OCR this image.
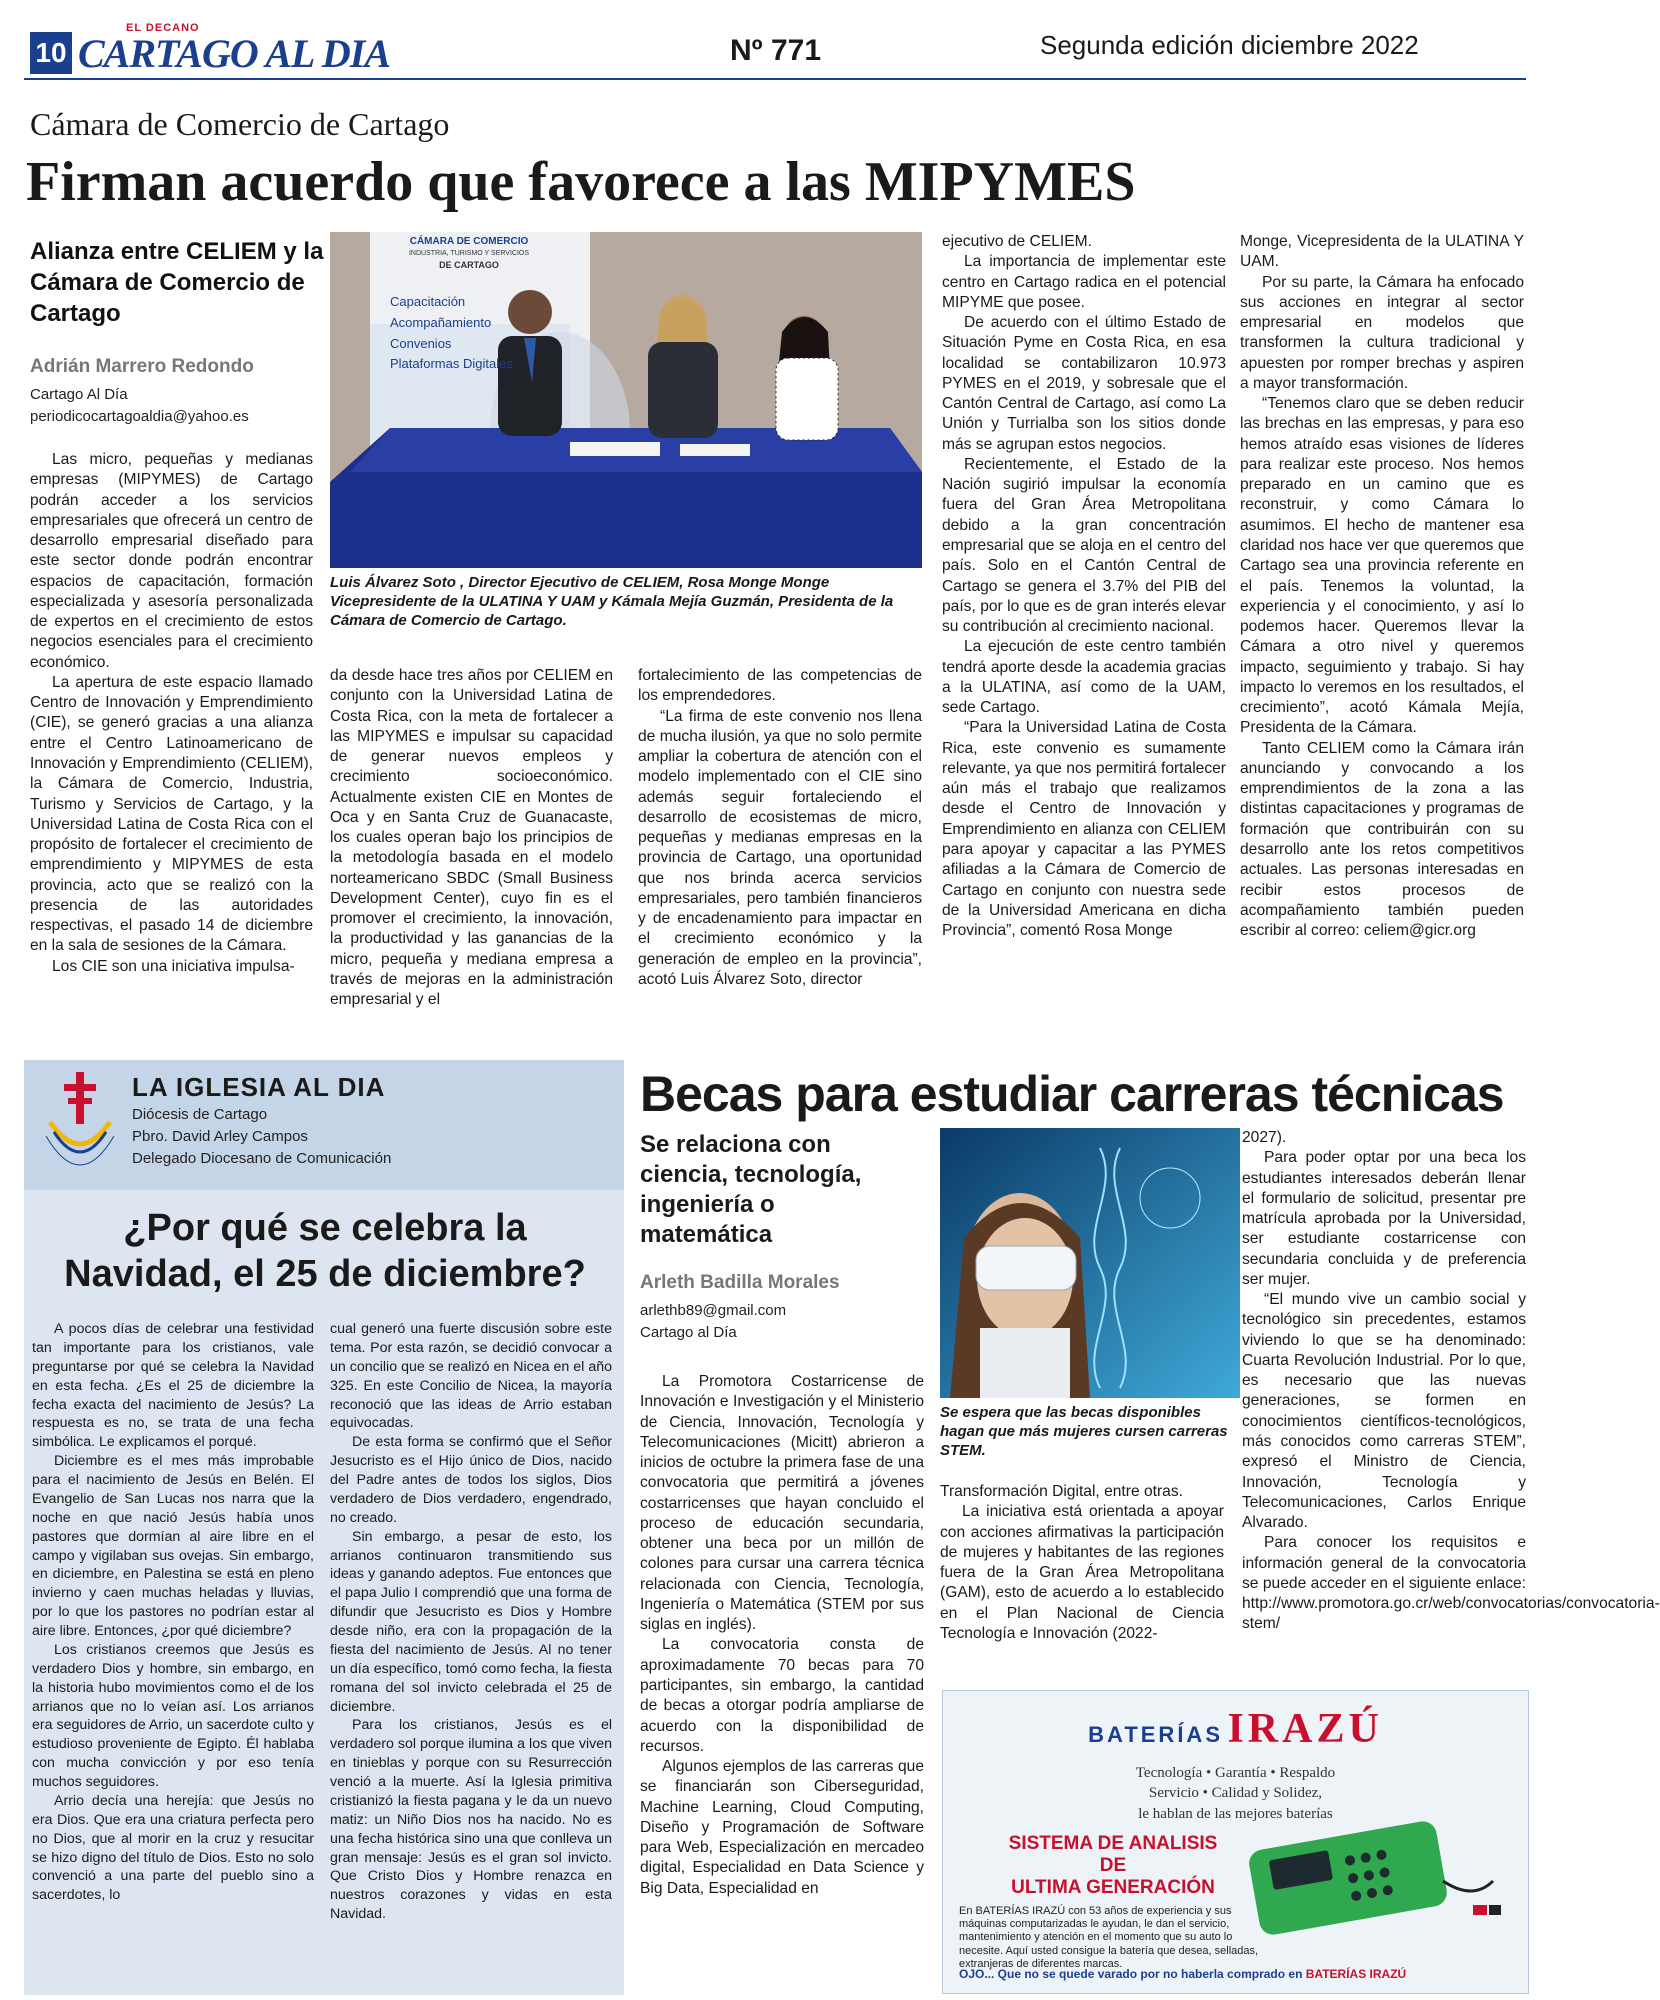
10
EL DECANO
CARTAGO AL DIA	Nº 771	Segunda edición diciembre 2022
Cámara de Comercio de Cartago
Firman acuerdo que favorece a las MIPYMES
Alianza entre CELIEM y la Cámara de Comercio de Cartago
Adrián Marrero Redondo
Cartago Al Día
periodicocartagoaldia@yahoo.es

Las micro, pequeñas y medianas empresas (MIPYMES) de Cartago podrán acceder a los servicios empresariales que ofrecerá un centro de desarrollo empresarial diseñado para este sector donde podrán encontrar espacios de capacitación, formación especializada y asesoría personalizada de expertos en el crecimiento de estos negocios esenciales para el crecimiento económico.

La apertura de este espacio llamado Centro de Innovación y Emprendimiento (CIE), se generó gracias a una alianza entre el Centro Latinoamericano de Innovación y Emprendimiento (CELIEM), la Cámara de Comercio, Industria, Turismo y Servicios de Cartago, y la Universidad Latina de Costa Rica con el propósito de fortalecer el crecimiento de emprendimiento y MIPYMES de esta provincia, acto que se realizó con la presencia de las autoridades respectivas, el pasado 14 de diciembre en la sala de sesiones de la Cámara.

Los CIE son una iniciativa impulsa-

CÁMARA DE COMERCIO
INDUSTRIA, TURISMO Y SERVICIOS
DE CARTAGO
Capacitación
Acompañamiento
Convenios
Plataformas Digitales
Luis Álvarez Soto , Director Ejecutivo de CELIEM, Rosa Monge Monge Vicepresidente de la ULATINA Y UAM y Kámala Mejía Guzmán, Presidenta de la Cámara de Comercio de Cartago.

da desde hace tres años por CELIEM en conjunto con la Universidad Latina de Costa Rica, con la meta de fortalecer a las MIPYMES e impulsar su capacidad de generar nuevos empleos y crecimiento socioeconómico. Actualmente existen CIE en Montes de Oca y en Santa Cruz de Guanacaste, los cuales operan bajo los principios de la metodología basada en el modelo norteamericano SBDC (Small Business Development Center), cuyo fin es el promover el crecimiento, la innovación, la productividad y las ganancias de la micro, pequeña y mediana empresa a través de mejoras en la administración empresarial y el

fortalecimiento de las competencias de los emprendedores.

“La firma de este convenio nos llena de mucha ilusión, ya que no solo permite ampliar la cobertura de atención con el modelo implementado con el CIE sino además seguir fortaleciendo el desarrollo de ecosistemas de micro, pequeñas y medianas empresas en la provincia de Cartago, una oportunidad que nos brinda acerca servicios empresariales, pero también financieros y de encadenamiento para impactar en el crecimiento económico y la generación de empleo en la provincia”, acotó Luis Álvarez Soto, director

ejecutivo de CELIEM.

La importancia de implementar este centro en Cartago radica en el potencial MIPYME que posee.

De acuerdo con el último Estado de Situación Pyme en Costa Rica, en esa localidad se contabilizaron 10.973 PYMES en el 2019, y sobresale que el Cantón Central de Cartago, así como La Unión y Turrialba son los sitios donde más se agrupan estos negocios.

Recientemente, el Estado de la Nación sugirió impulsar la economía fuera del Gran Área Metropolitana debido a la gran concentración empresarial que se aloja en el centro del país. Solo en el Cantón Central de Cartago se genera el 3.7% del PIB del país, por lo que es de gran interés elevar su contribución al crecimiento nacional.

La ejecución de este centro también tendrá aporte desde la academia gracias a la ULATINA, así como de la UAM, sede Cartago.

“Para la Universidad Latina de Costa Rica, este convenio es sumamente relevante, ya que nos permitirá fortalecer aún más el trabajo que realizamos desde el Centro de Innovación y Emprendimiento en alianza con CELIEM para apoyar y capacitar a las PYMES afiliadas a la Cámara de Comercio de Cartago en conjunto con nuestra sede de la Universidad Americana en dicha Provincia”, comentó Rosa Monge

Monge, Vicepresidenta de la ULATINA Y UAM.

Por su parte, la Cámara ha enfocado sus acciones en integrar al sector empresarial en modelos que transformen la cultura tradicional y apuesten por romper brechas y aspiren a mayor transformación.

“Tenemos claro que se deben reducir las brechas en las empresas, y para eso hemos atraído esas visiones de líderes para realizar este proceso. Nos hemos preparado en un camino que es reconstruir, y como Cámara lo asumimos. El hecho de mantener esa claridad nos hace ver que queremos que Cartago sea una provincia referente en el país. Tenemos la voluntad, la experiencia y el conocimiento, y así lo podemos hacer. Queremos llevar la Cámara a otro nivel y queremos impacto, seguimiento y trabajo. Si hay impacto lo veremos en los resultados, el crecimiento”, acotó Kámala Mejía, Presidenta de la Cámara.

Tanto CELIEM como la Cámara irán anunciando y convocando a los emprendimientos de la zona a las distintas capacitaciones y programas de formación que contribuirán con su desarrollo ante los retos competitivos actuales. Las personas interesadas en recibir estos procesos de acompañamiento también pueden escribir al correo: celiem@gicr.org

LA IGLESIA AL DIA
Diócesis de Cartago
Pbro. David Arley Campos
Delegado Diocesano de Comunicación
¿Por qué se celebra la Navidad, el 25 de diciembre?

A pocos días de celebrar una festividad tan importante para los cristianos, vale preguntarse por qué se celebra la Navidad en esta fecha. ¿Es el 25 de diciembre la fecha exacta del nacimiento de Jesús? La respuesta es no, se trata de una fecha simbólica. Le explicamos el porqué.

Diciembre es el mes más improbable para el nacimiento de Jesús en Belén. El Evangelio de San Lucas nos narra que la noche en que nació Jesús había unos pastores que dormían al aire libre en el campo y vigilaban sus ovejas. Sin embargo, en diciembre, en Palestina se está en pleno invierno y caen muchas heladas y lluvias, por lo que los pastores no podrían estar al aire libre. Entonces, ¿por qué diciembre?

Los cristianos creemos que Jesús es verdadero Dios y hombre, sin embargo, en la historia hubo movimientos como el de los arrianos que no lo veían así. Los arrianos era seguidores de Arrio, un sacerdote culto y estudioso proveniente de Egipto. Él hablaba con mucha convicción y por eso tenía muchos seguidores.

Arrio decía una herejía: que Jesús no era Dios. Que era una criatura perfecta pero no Dios, que al morir en la cruz y resucitar se hizo digno del título de Dios. Esto no solo convenció a una parte del pueblo sino a sacerdotes, lo

cual generó una fuerte discusión sobre este tema. Por esta razón, se decidió convocar a un concilio que se realizó en Nicea en el año 325. En este Concilio de Nicea, la mayoría reconoció que las ideas de Arrio estaban equivocadas.

De esta forma se confirmó que el Señor Jesucristo es el Hijo único de Dios, nacido del Padre antes de todos los siglos, Dios verdadero de Dios verdadero, engendrado, no creado.

Sin embargo, a pesar de esto, los arrianos continuaron transmitiendo sus ideas y ganando adeptos. Fue entonces que el papa Julio I comprendió que una forma de difundir que Jesucristo es Dios y Hombre desde niño, era con la propagación de la fiesta del nacimiento de Jesús. Al no tener un día específico, tomó como fecha, la fiesta romana del sol invicto celebrada el 25 de diciembre.

Para los cristianos, Jesús es el verdadero sol porque ilumina a los que viven en tinieblas y porque con su Resurrección venció a la muerte. Así la Iglesia primitiva cristianizó la fiesta pagana y le da un nuevo matiz: un Niño Dios nos ha nacido. No es una fecha histórica sino una que conlleva un gran mensaje: Jesús es el gran sol invicto. Que Cristo Dios y Hombre renazca en nuestros corazones y vidas en esta Navidad.

Becas para estudiar carreras técnicas
Se relaciona con ciencia, tecnología, ingeniería o matemática
Arleth Badilla Morales
arlethb89@gmail.com
Cartago al Día
Se espera que las becas disponibles hagan que más mujeres cursen carreras STEM.

La Promotora Costarricense de Innovación e Investigación y el Ministerio de Ciencia, Innovación, Tecnología y Telecomunicaciones (Micitt) abrieron a inicios de octubre la primera fase de una convocatoria que permitirá a jóvenes costarricenses que hayan concluido el proceso de educación secundaria, obtener una beca por un millón de colones para cursar una carrera técnica relacionada con Ciencia, Tecnología, Ingeniería o Matemática (STEM por sus siglas en inglés).

La convocatoria consta de aproximadamente 70 becas para 70 participantes, sin embargo, la cantidad de becas a otorgar podría ampliarse de acuerdo con la disponibilidad de recursos.

Algunos ejemplos de las carreras que se financiarán son Ciberseguridad, Machine Learning, Cloud Computing, Diseño y Programación de Software para Web, Especialización en mercadeo digital, Especialidad en Data Science y Big Data, Especialidad en

Transformación Digital, entre otras.

La iniciativa está orientada a apoyar con acciones afirmativas la participación de mujeres y habitantes de las regiones fuera de la Gran Área Metropolitana (GAM), esto de acuerdo a lo establecido en el Plan Nacional de Ciencia Tecnología e Innovación (2022-

2027).

Para poder optar por una beca los estudiantes interesados deberán llenar el formulario de solicitud, presentar pre matrícula aprobada por la Universidad, ser estudiante costarricense con secundaria concluida y de preferencia ser mujer.

“El mundo vive un cambio social y tecnológico sin precedentes, estamos viviendo lo que se ha denominado: Cuarta Revolución Industrial. Por lo que, es necesario que las nuevas generaciones, se formen en conocimientos científicos-tecnológicos, más conocidos como carreras STEM”, expresó el Ministro de Ciencia, Innovación, Tecnología y Telecomunicaciones, Carlos Enrique Alvarado.

Para conocer los requisitos e información general de la convocatoria se puede acceder en el siguiente enlace: http://www.promotora.go.cr/web/convocatorias/convocatoria-stem/

BATERÍAS IRAZÚ
Tecnología • Garantía • Respaldo
Servicio • Calidad y Solidez,
le hablan de las mejores baterías
SISTEMA DE ANALISIS DE
ULTIMA GENERACIÓN
En BATERÍAS IRAZÚ con 53 años de experiencia y sus máquinas computarizadas le ayudan, le dan el servicio, mantenimiento y atención en el momento que su auto lo necesite. Aquí usted consigue la batería que desea, selladas, extranjeras de diferentes marcas.
OJO... Que no se quede varado por no haberla comprado en BATERÍAS IRAZÚ
